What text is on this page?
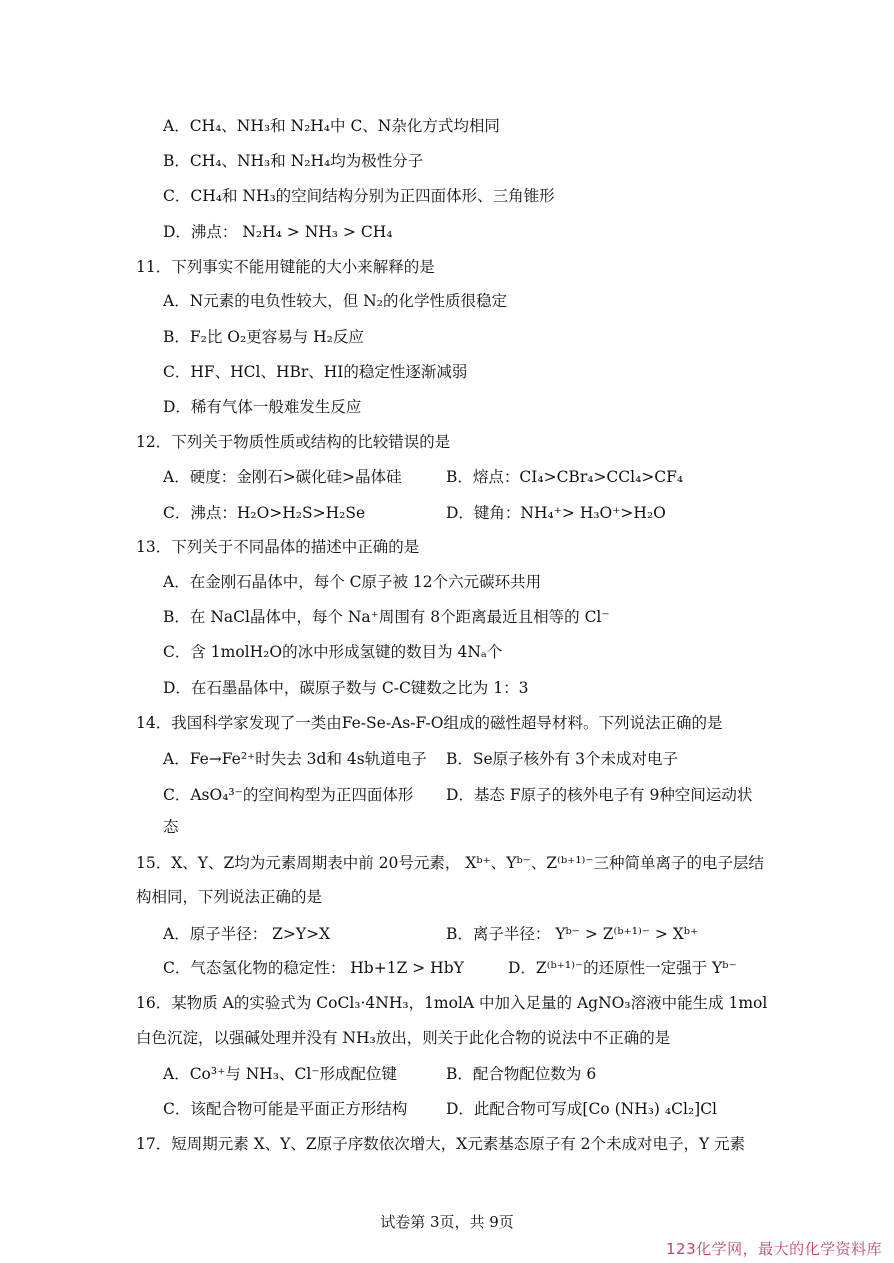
A．CH₄、NH₃和 N₂H₄中 C、N杂化方式均相同
B．CH₄、NH₃和 N₂H₄均为极性分子
C．CH₄和 NH₃的空间结构分别为正四面体形、三角锥形
D．沸点： N₂H₄ > NH₃ > CH₄
11．下列事实不能用键能的大小来解释的是
A．N元素的电负性较大，但 N₂的化学性质很稳定
B．F₂比 O₂更容易与 H₂反应
C．HF、HCl、HBr、HI的稳定性逐渐减弱
D．稀有气体一般难发生反应
12．下列关于物质性质或结构的比较错误的是
A．硬度：金刚石>碳化硅>晶体硅	B．熔点：CI₄>CBr₄>CCl₄>CF₄
C．沸点：H₂O>H₂S>H₂Se	D．键角：NH₄⁺> H₃O⁺>H₂O
13．下列关于不同晶体的描述中正确的是
A．在金刚石晶体中，每个 C原子被 12个六元碳环共用
B．在 NaCl晶体中，每个 Na⁺周围有 8个距离最近且相等的 Cl⁻
C．含 1molH₂O的冰中形成氢键的数目为 4Nₐ个
D．在石墨晶体中，碳原子数与 C-C键数之比为 1：3
14．我国科学家发现了一类由Fe-Se-As-F-O组成的磁性超导材料。下列说法正确的是
A．Fe→Fe²⁺时失去 3d和 4s轨道电子 B．Se原子核外有 3个未成对电子
C．AsO₄³⁻的空间构型为正四面体形 D．基态 F原子的核外电子有 9种空间运动状
态
15．X、Y、Z均为元素周期表中前 20号元素， Xᵇ⁺、Yᵇ⁻、Z⁽ᵇ⁺¹⁾⁻三种简单离子的电子层结
构相同，下列说法正确的是
A．原子半径： Z>Y>X	B．离子半径： Yᵇ⁻ > Z⁽ᵇ⁺¹⁾⁻ > Xᵇ⁺
C．气态氢化物的稳定性： Hb+1Z > HbY	D．Z⁽ᵇ⁺¹⁾⁻的还原性一定强于 Yᵇ⁻
16．某物质 A的实验式为 CoCl₃·4NH₃，1molA 中加入足量的 AgNO₃溶液中能生成 1mol
白色沉淀，以强碱处理并没有 NH₃放出，则关于此化合物的说法中不正确的是
A．Co³⁺与 NH₃、Cl⁻形成配位键	B．配合物配位数为 6
C．该配合物可能是平面正方形结构 D．此配合物可写成[Co (NH₃) ₄Cl₂]Cl
17．短周期元素 X、Y、Z原子序数依次增大，X元素基态原子有 2个未成对电子，Y 元素
试卷第 3页，共 9页
123化学网，最大的化学资料库
